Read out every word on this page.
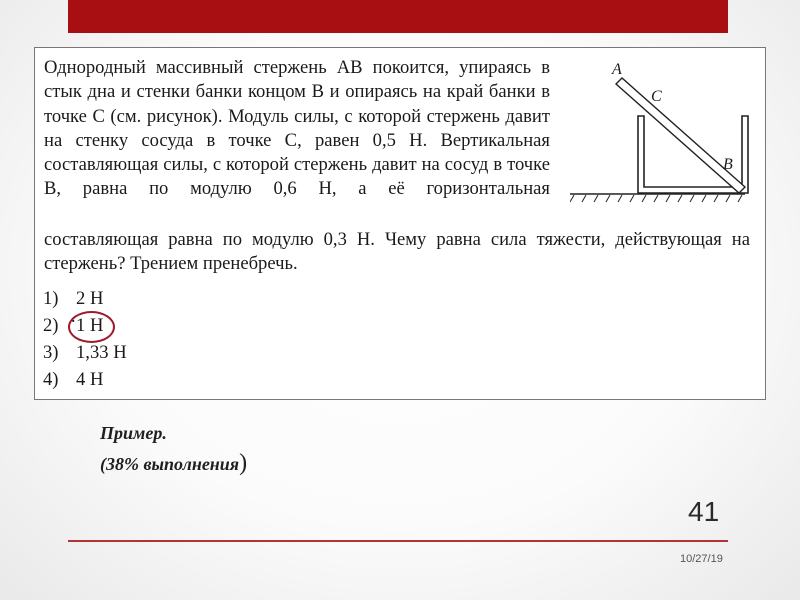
Однородный массивный стержень AB покоится, упираясь в стык дна и стенки банки концом B и опираясь на край банки в точке C (см. рисунок). Модуль силы, с которой стержень давит на стенку сосуда в точке C, равен 0,5 Н. Вертикальная составляющая силы, с которой стержень давит на сосуд в точке B, равна по модулю 0,6 Н, а её горизонтальная

составляющая равна по модулю 0,3 Н. Чему равна сила тяжести, действующая на стержень? Трением пренебречь.

A
C
B
1) 2 Н
2) 1 Н
3) 1,33 Н
4) 4 Н
.
Пример.
(38% выполнения)
41
10/27/19
